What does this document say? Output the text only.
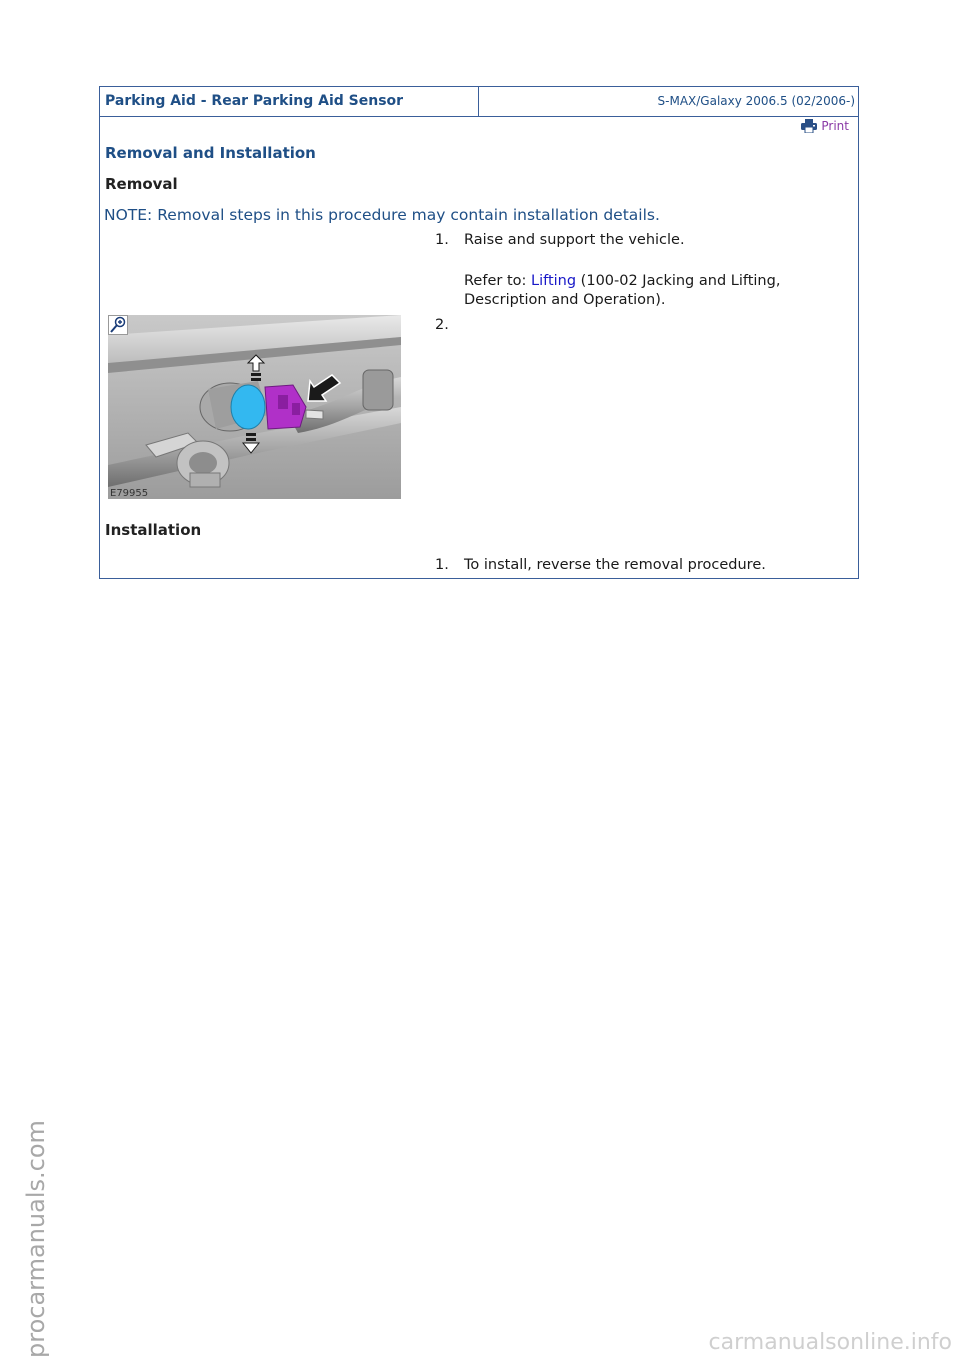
Parking Aid - Rear Parking Aid Sensor	S-MAX/Galaxy 2006.5 (02/2006-)
Print
Removal and Installation
Removal
NOTE: Removal steps in this procedure may contain installation details.
1. Raise and support the vehicle.
Refer to: Lifting (100-02 Jacking and Lifting, Description and Operation).
2.
E79955
Installation
1. To install, reverse the removal procedure.
procarmanuals.com	carmanualsonline.info
